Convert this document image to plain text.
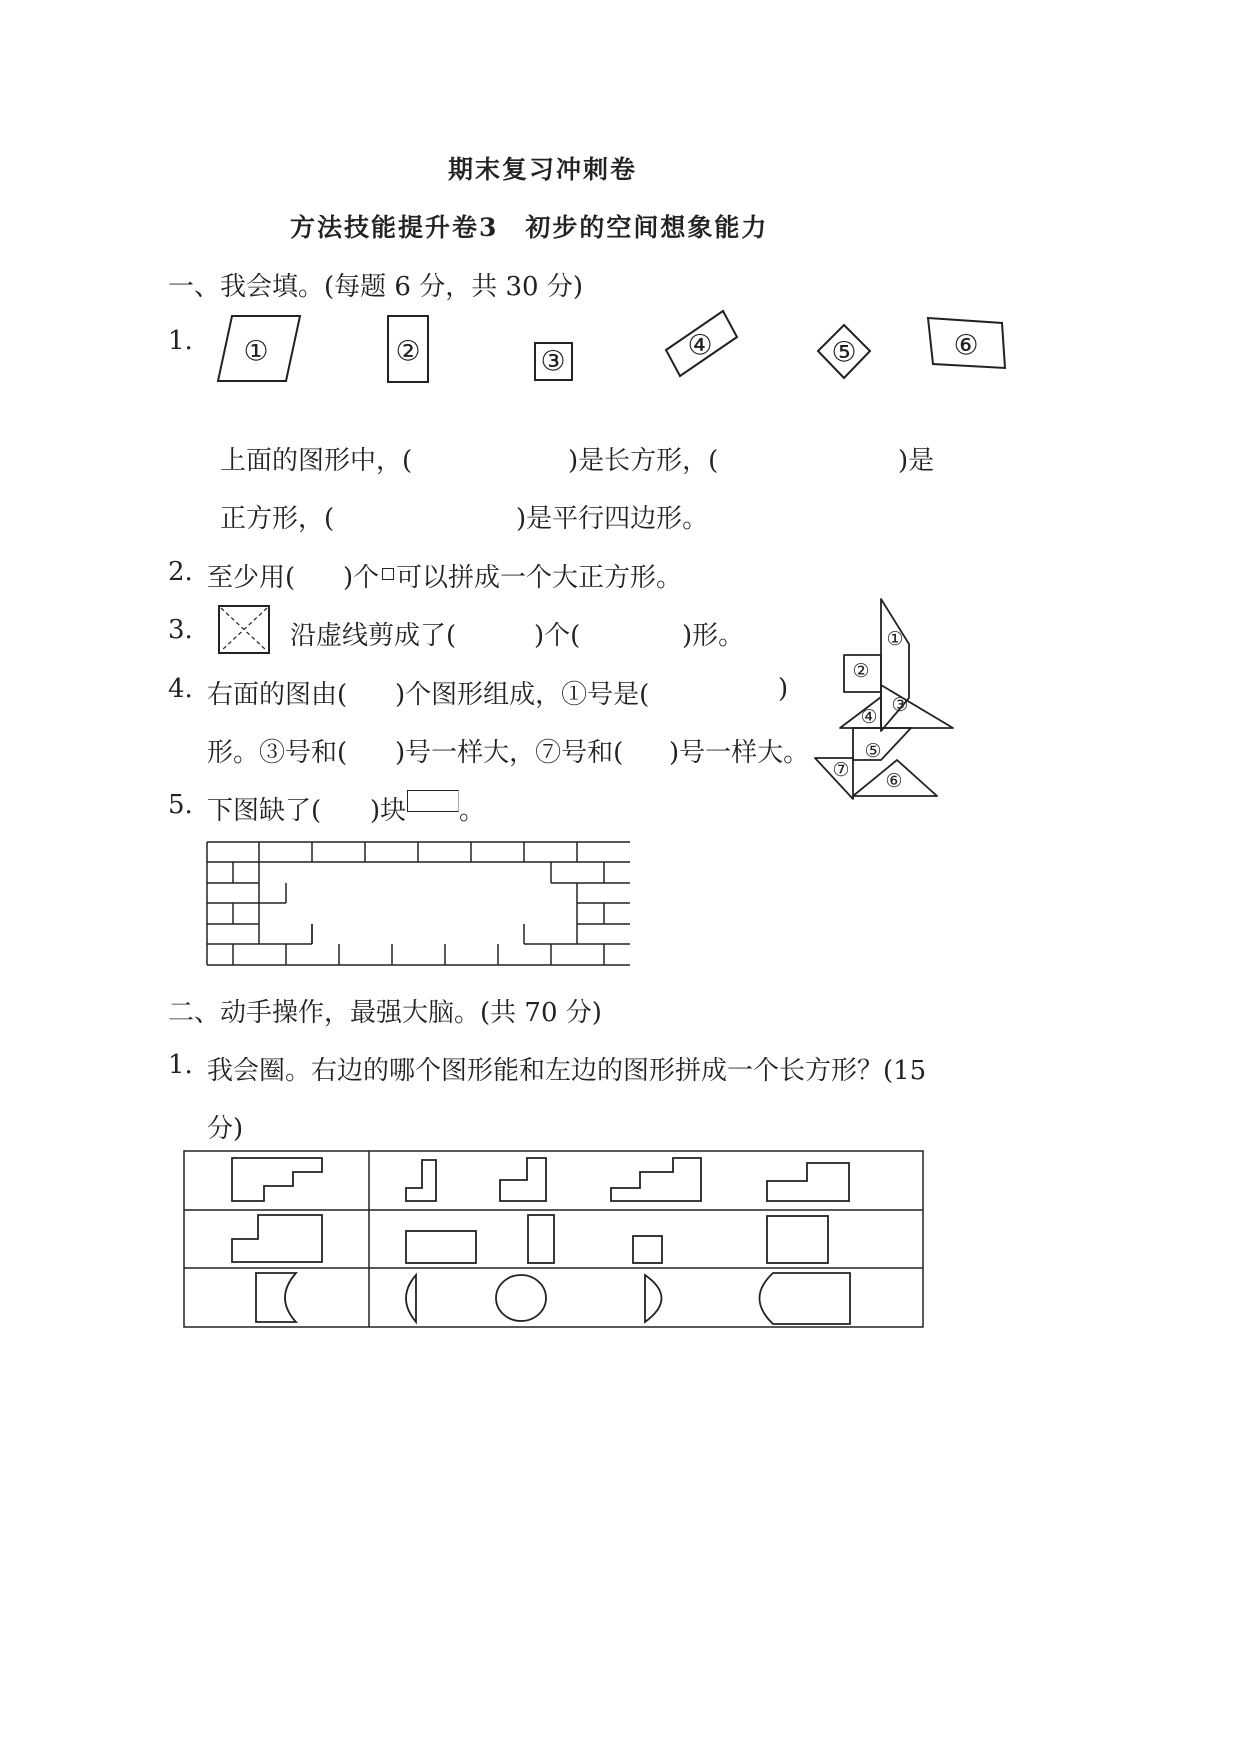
期末复习冲刺卷
方法技能提升卷3　初步的空间想象能力
一、我会填。(每题 6 分，共 30 分)
1. ①	②	③	④	⑤	⑥
上面的图形中，(	)是长方形，(	)是
正方形，(	)是平行四边形。
2. 至少用( )个 可以拼成一个大正方形。
3.	沿虚线剪成了(	)个(	)形。
4. 右面的图由( )个图形组成，①号是(	)
形。③号和( )号一样大，⑦号和( )号一样大。
①
②
③
④
⑤
⑦ ⑥
5. 下图缺了( )块 。
二、动手操作，最强大脑。(共 70 分)
1. 我会圈。右边的哪个图形能和左边的图形拼成一个长方形？(15
分)
